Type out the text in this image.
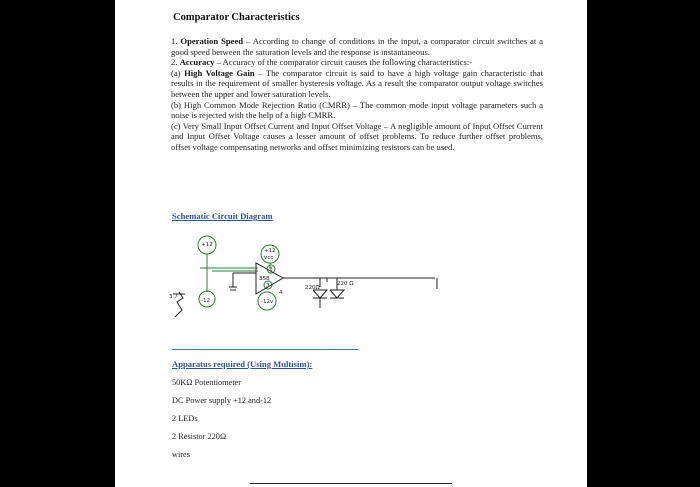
Comparator Characteristics

1. Operation Speed – According to change of conditions in the input, a comparator circuit switches at a good speed between the saturation levels and the response is instantaneous.

2. Accuracy – Accuracy of the comparator circuit causes the following characteristics:-

(a) High Voltage Gain – The comparator circuit is said to have a high voltage gain characteristic that results in the requirement of smaller hysteresis voltage. As a result the comparator output voltage switches between the upper and lower saturation levels.

(b) High Common Mode Rejection Ratio (CMRR) – The common mode input voltage parameters such a noise is rejected with the help of a high CMRR.

(c) Very Small Input Offset Current and Input Offset Voltage – A negligible amount of Input Offset Current and Input Offset Voltage causes a lesser amount of offset problems. To reduce further offset problems, offset voltage compensating networks and offset minimizing resistors can be used.

Schematic Circuit Diagram
+12
+12
vcc
-12
358
2
3
4
220Ω
220 Ω
-12v
3.7
Apparatus required (Using Multisim):
50KΩ Potentiometer
DC Power supply +12 and-12
2 LEDs
2 Resistor 220Ω
wires
